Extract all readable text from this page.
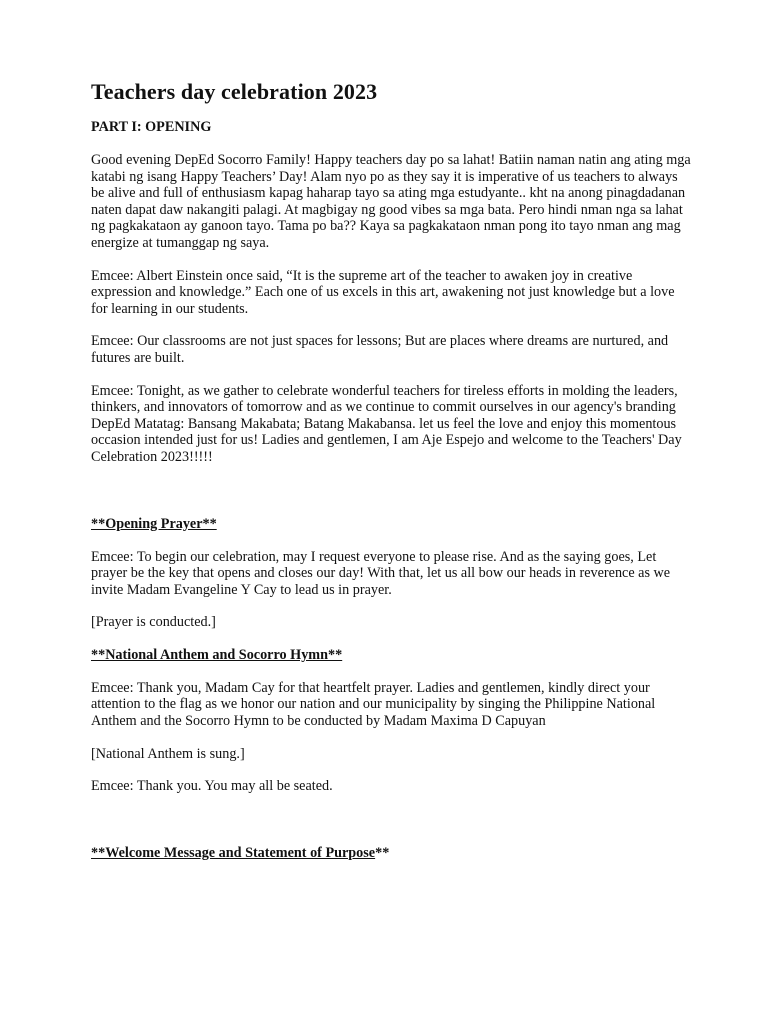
Teachers day celebration 2023
PART I: OPENING

Good evening DepEd Socorro Family! Happy teachers day po sa lahat! Batiin naman natin ang ating mga katabi ng isang Happy Teachers’ Day! Alam nyo po as they say it is imperative of us teachers to always be alive and full of enthusiasm kapag haharap tayo sa ating mga estudyante.. kht na anong pinagdadanan naten dapat daw nakangiti palagi. At magbigay ng good vibes sa mga bata. Pero hindi nman nga sa lahat ng pagkakataon ay ganoon tayo. Tama po ba?? Kaya sa pagkakataon nman pong ito tayo nman ang mag energize at tumanggap ng saya.

Emcee: Albert Einstein once said, “It is the supreme art of the teacher to awaken joy in creative expression and knowledge.” Each one of us excels in this art, awakening not just knowledge but a love for learning in our students.

Emcee: Our classrooms are not just spaces for lessons; But are places where dreams are nurtured, and futures are built.

Emcee: Tonight, as we gather to celebrate wonderful teachers for tireless efforts in molding the leaders, thinkers, and innovators of tomorrow and as we continue to commit ourselves in our agency's branding DepEd Matatag: Bansang Makabata; Batang Makabansa. let us feel the love and enjoy this momentous occasion intended just for us! Ladies and gentlemen, I am Aje Espejo and welcome to the Teachers' Day Celebration 2023!!!!!

**Opening Prayer**

Emcee: To begin our celebration, may I request everyone to please rise. And as the saying goes, Let prayer be the key that opens and closes our day! With that, let us all bow our heads in reverence as we invite Madam Evangeline Y Cay to lead us in prayer.

[Prayer is conducted.]

**National Anthem and Socorro Hymn**

Emcee: Thank you, Madam Cay for that heartfelt prayer. Ladies and gentlemen, kindly direct your attention to the flag as we honor our nation and our municipality by singing the Philippine National Anthem and the Socorro Hymn to be conducted by Madam Maxima D Capuyan

[National Anthem is sung.]

Emcee: Thank you. You may all be seated.

**Welcome Message and Statement of Purpose**
